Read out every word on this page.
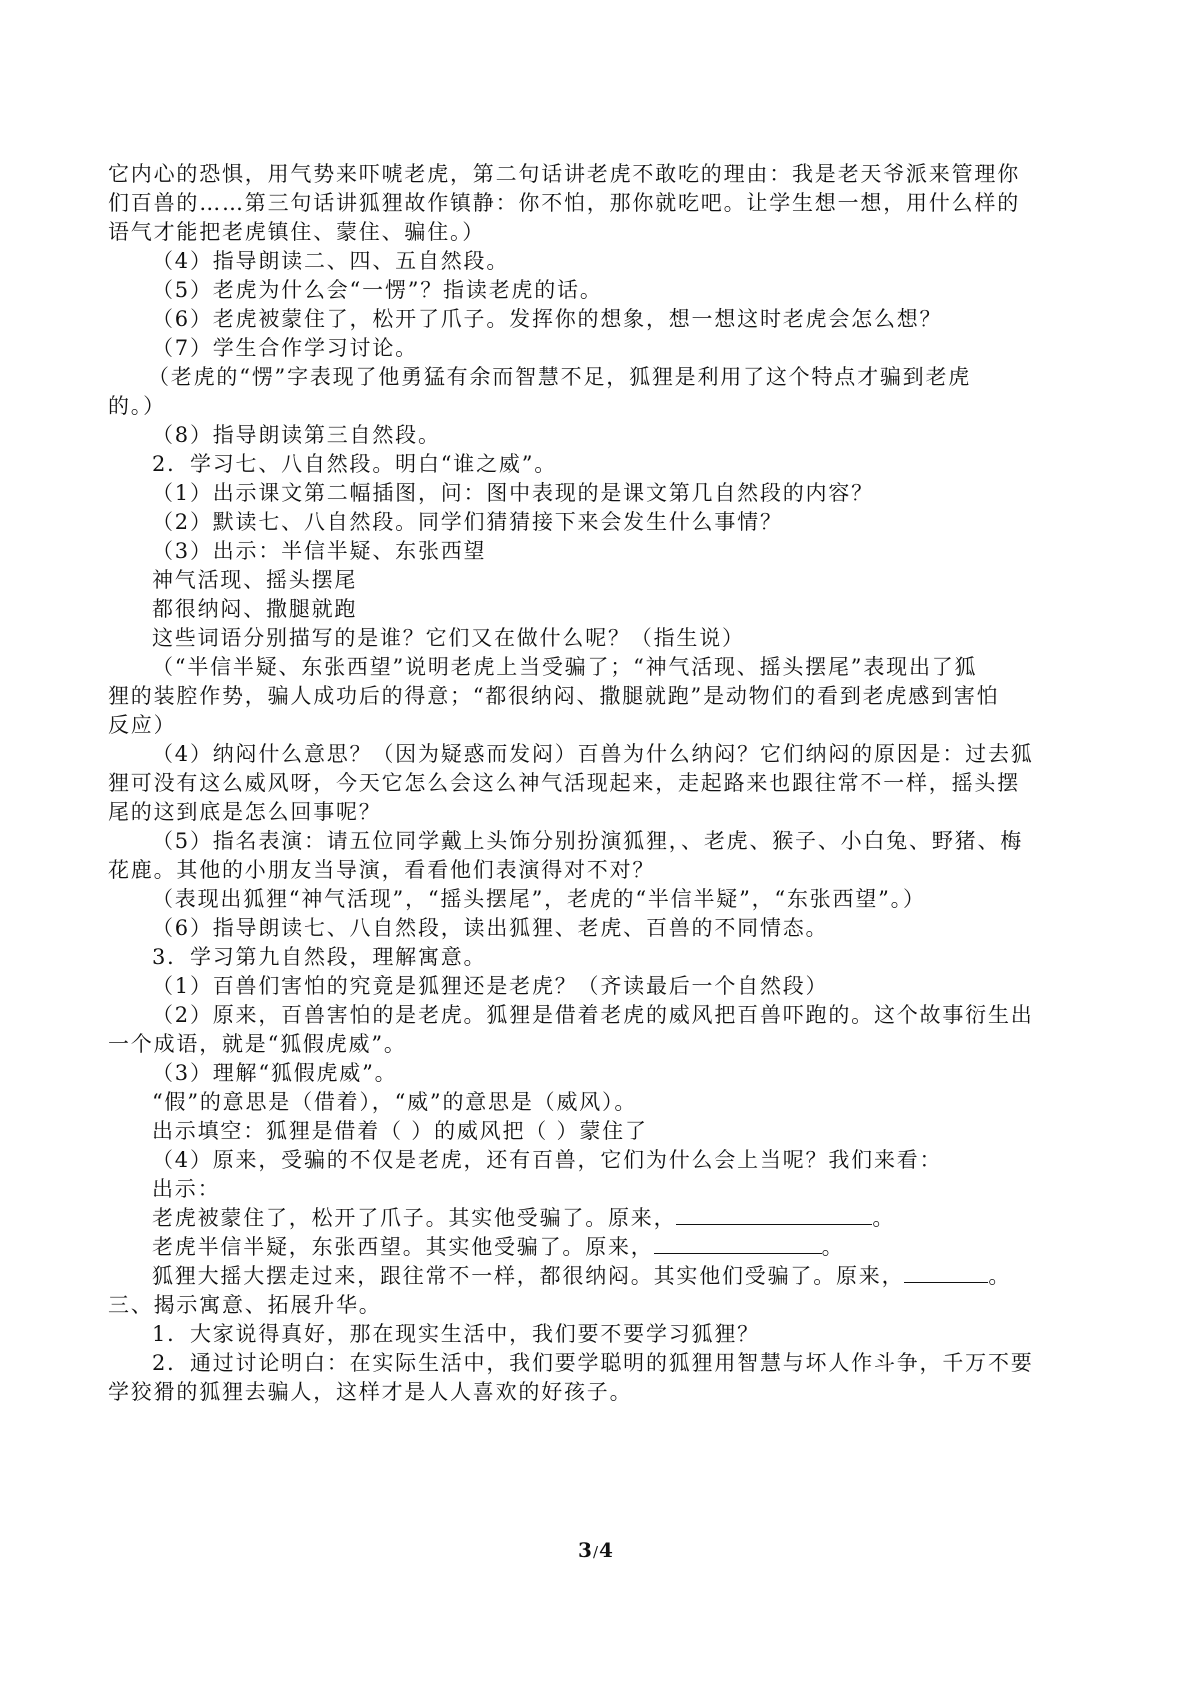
它内心的恐惧，用气势来吓唬老虎，第二句话讲老虎不敢吃的理由：我是老天爷派来管理你

们百兽的……第三句话讲狐狸故作镇静：你不怕，那你就吃吧。让学生想一想，用什么样的

语气才能把老虎镇住、蒙住、骗住。）

（4）指导朗读二、四、五自然段。

（5）老虎为什么会“一愣”？指读老虎的话。

（6）老虎被蒙住了，松开了爪子。发挥你的想象，想一想这时老虎会怎么想？

（7）学生合作学习讨论。

（老虎的“愣”字表现了他勇猛有余而智慧不足，狐狸是利用了这个特点才骗到老虎

的。）

（8）指导朗读第三自然段。

2．学习七、八自然段。明白“谁之威”。

（1）出示课文第二幅插图，问：图中表现的是课文第几自然段的内容？

（2）默读七、八自然段。同学们猜猜接下来会发生什么事情？

（3）出示：半信半疑、东张西望

神气活现、摇头摆尾

都很纳闷、撒腿就跑

这些词语分别描写的是谁？它们又在做什么呢？（指生说）

（“半信半疑、东张西望”说明老虎上当受骗了；“神气活现、摇头摆尾”表现出了狐

狸的装腔作势，骗人成功后的得意；“都很纳闷、撒腿就跑”是动物们的看到老虎感到害怕

反应）

（4）纳闷什么意思？（因为疑惑而发闷）百兽为什么纳闷？它们纳闷的原因是：过去狐

狸可没有这么威风呀，今天它怎么会这么神气活现起来，走起路来也跟往常不一样，摇头摆

尾的这到底是怎么回事呢？

（5）指名表演：请五位同学戴上头饰分别扮演狐狸，、老虎、猴子、小白兔、野猪、梅

花鹿。其他的小朋友当导演，看看他们表演得对不对？

（表现出狐狸“神气活现”，“摇头摆尾”，老虎的“半信半疑”，“东张西望”。）

（6）指导朗读七、八自然段，读出狐狸、老虎、百兽的不同情态。

3．学习第九自然段，理解寓意。

（1）百兽们害怕的究竟是狐狸还是老虎？（齐读最后一个自然段）

（2）原来，百兽害怕的是老虎。狐狸是借着老虎的威风把百兽吓跑的。这个故事衍生出

一个成语，就是“狐假虎威”。

（3）理解“狐假虎威”。

“假”的意思是（借着），“威”的意思是（威风）。

出示填空：狐狸是借着（ ）的威风把（ ）蒙住了

（4）原来，受骗的不仅是老虎，还有百兽，它们为什么会上当呢？我们来看：

出示：

老虎被蒙住了，松开了爪子。其实他受骗了。原来，	。

老虎半信半疑，东张西望。其实他受骗了。原来，	。

狐狸大摇大摆走过来，跟往常不一样，都很纳闷。其实他们受骗了。原来，	。

三、揭示寓意、拓展升华。

1．大家说得真好，那在现实生活中，我们要不要学习狐狸？

2．通过讨论明白：在实际生活中，我们要学聪明的狐狸用智慧与坏人作斗争，千万不要

学狡猾的狐狸去骗人，这样才是人人喜欢的好孩子。

3/4
